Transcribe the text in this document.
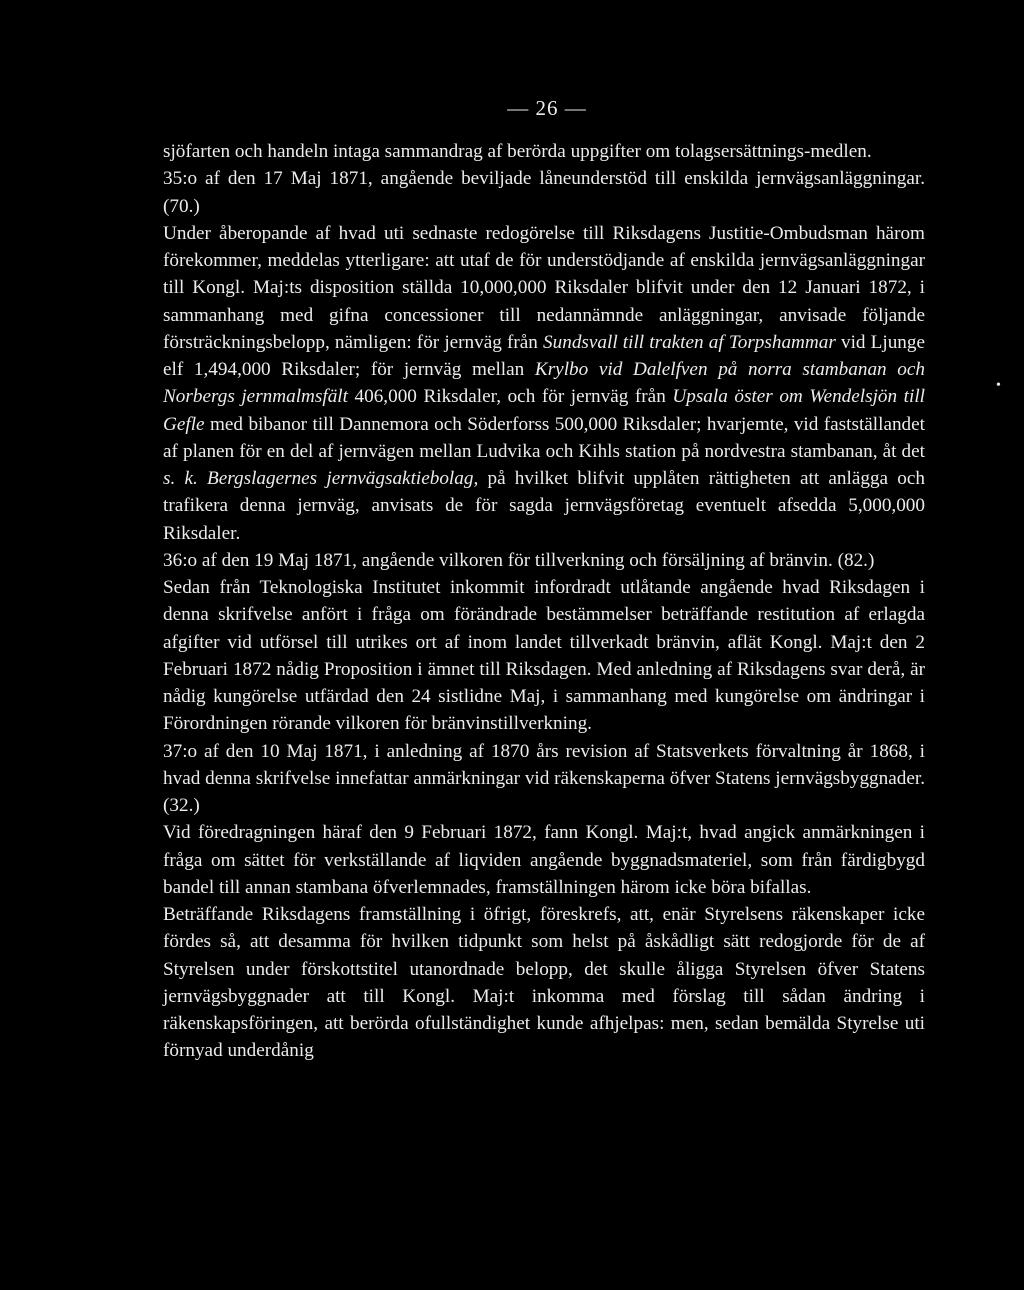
— 26 —

sjöfarten och handeln intaga sammandrag af berörda uppgifter om tolagsersättnings-medlen.

35:o af den 17 Maj 1871, angående beviljade låneunderstöd till enskilda jernvägsanläggningar. (70.)

Under åberopande af hvad uti sednaste redogörelse till Riksdagens Justitie-Ombudsman härom förekommer, meddelas ytterligare: att utaf de för understödjande af enskilda jernvägsanläggningar till Kongl. Maj:ts disposition ställda 10,000,000 Riksdaler blifvit under den 12 Januari 1872, i sammanhang med gifna concessioner till nedannämnde anläggningar, anvisade följande försträckningsbelopp, nämligen: för jernväg från Sundsvall till trakten af Torpshammar vid Ljunge elf 1,494,000 Riksdaler; för jernväg mellan Krylbo vid Dalelfven på norra stambanan och Norbergs jernmalmsfält 406,000 Riksdaler, och för jernväg från Upsala öster om Wendelsjön till Gefle med bibanor till Dannemora och Söderforss 500,000 Riksdaler; hvarjemte, vid fastställandet af planen för en del af jernvägen mellan Ludvika och Kihls station på nordvestra stambanan, åt det s. k. Bergslagernes jernvägsaktiebolag, på hvilket blifvit upplåten rättigheten att anlägga och trafikera denna jernväg, anvisats de för sagda jernvägsföretag eventuelt afsedda 5,000,000 Riksdaler.

36:o af den 19 Maj 1871, angående vilkoren för tillverkning och försäljning af bränvin. (82.)

Sedan från Teknologiska Institutet inkommit infordradt utlåtande angående hvad Riksdagen i denna skrifvelse anfört i fråga om förändrade bestämmelser beträffande restitution af erlagda afgifter vid utförsel till utrikes ort af inom landet tillverkadt bränvin, aflät Kongl. Maj:t den 2 Februari 1872 nådig Proposition i ämnet till Riksdagen. Med anledning af Riksdagens svar derå, är nådig kungörelse utfärdad den 24 sistlidne Maj, i sammanhang med kungörelse om ändringar i Förordningen rörande vilkoren för bränvinstillverkning.

37:o af den 10 Maj 1871, i anledning af 1870 års revision af Statsverkets förvaltning år 1868, i hvad denna skrifvelse innefattar anmärkningar vid räkenskaperna öfver Statens jernvägsbyggnader. (32.)

Vid föredragningen häraf den 9 Februari 1872, fann Kongl. Maj:t, hvad angick anmärkningen i fråga om sättet för verkställande af liqviden angående byggnadsmateriel, som från färdigbygd bandel till annan stambana öfverlemnades, framställningen härom icke böra bifallas.

Beträffande Riksdagens framställning i öfrigt, föreskrefs, att, enär Styrelsens räkenskaper icke fördes så, att desamma för hvilken tidpunkt som helst på åskådligt sätt redogjorde för de af Styrelsen under förskottstitel utanordnade belopp, det skulle åligga Styrelsen öfver Statens jernvägsbyggnader att till Kongl. Maj:t inkomma med förslag till sådan ändring i räkenskapsföringen, att berörda ofullständighet kunde afhjelpas: men, sedan bemälda Styrelse uti förnyad underdånig

•
